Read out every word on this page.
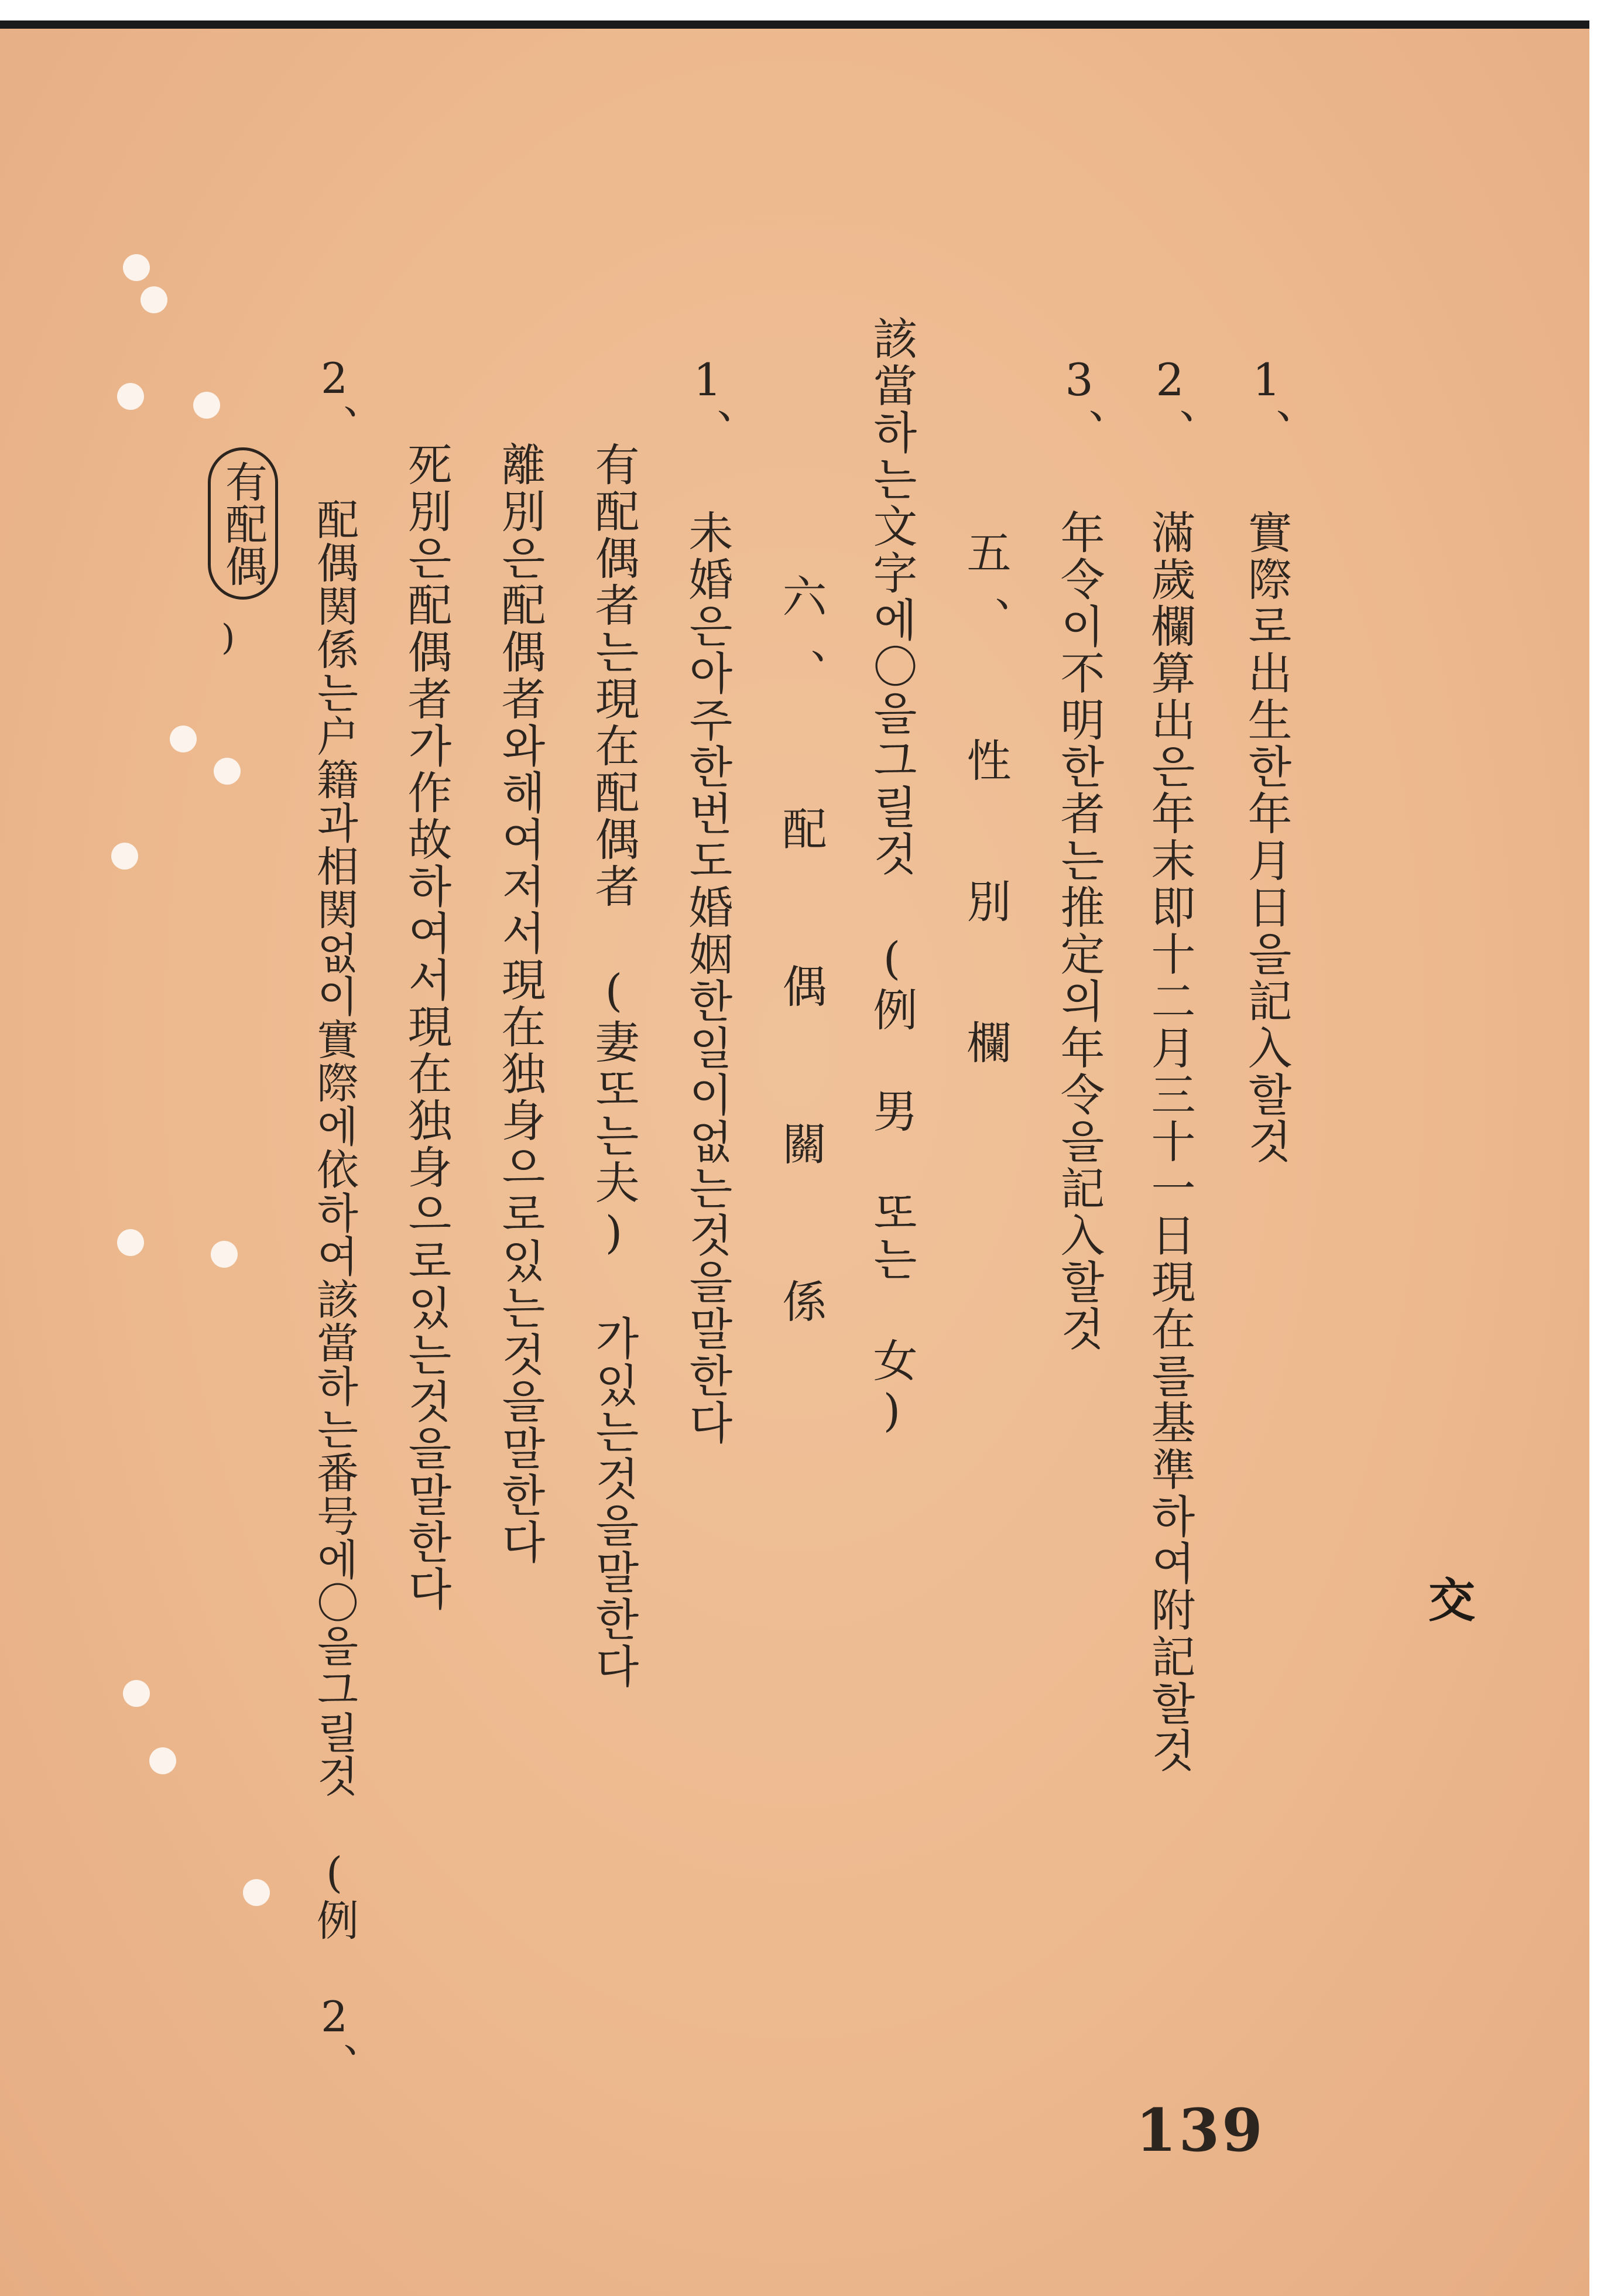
1、 實際로出生한年月日을記入할것
2、 滿歲欄算出은年末即十二月三十一日現在를基準하여附記할것
3、 年令이不明한者는推定의年令을記入할것
五、 性 別 欄
該當하는文字에〇을그릴것 (例 男 또는 女)
六、 配 偶 關 係
1、 未婚은아주한번도婚姻한일이없는것을말한다
有配偶者는現在配偶者 (妻또는夫) 가있는것을말한다
離別은配偶者와해여저서現在独身으로있는것을말한다
死別은配偶者가作故하여서現在独身으로있는것을말한다
2、 配偶関係는户籍과相関없이實際에依하여該當하는番号에〇을그릴것 (例 2、
有配偶
)
交
139
